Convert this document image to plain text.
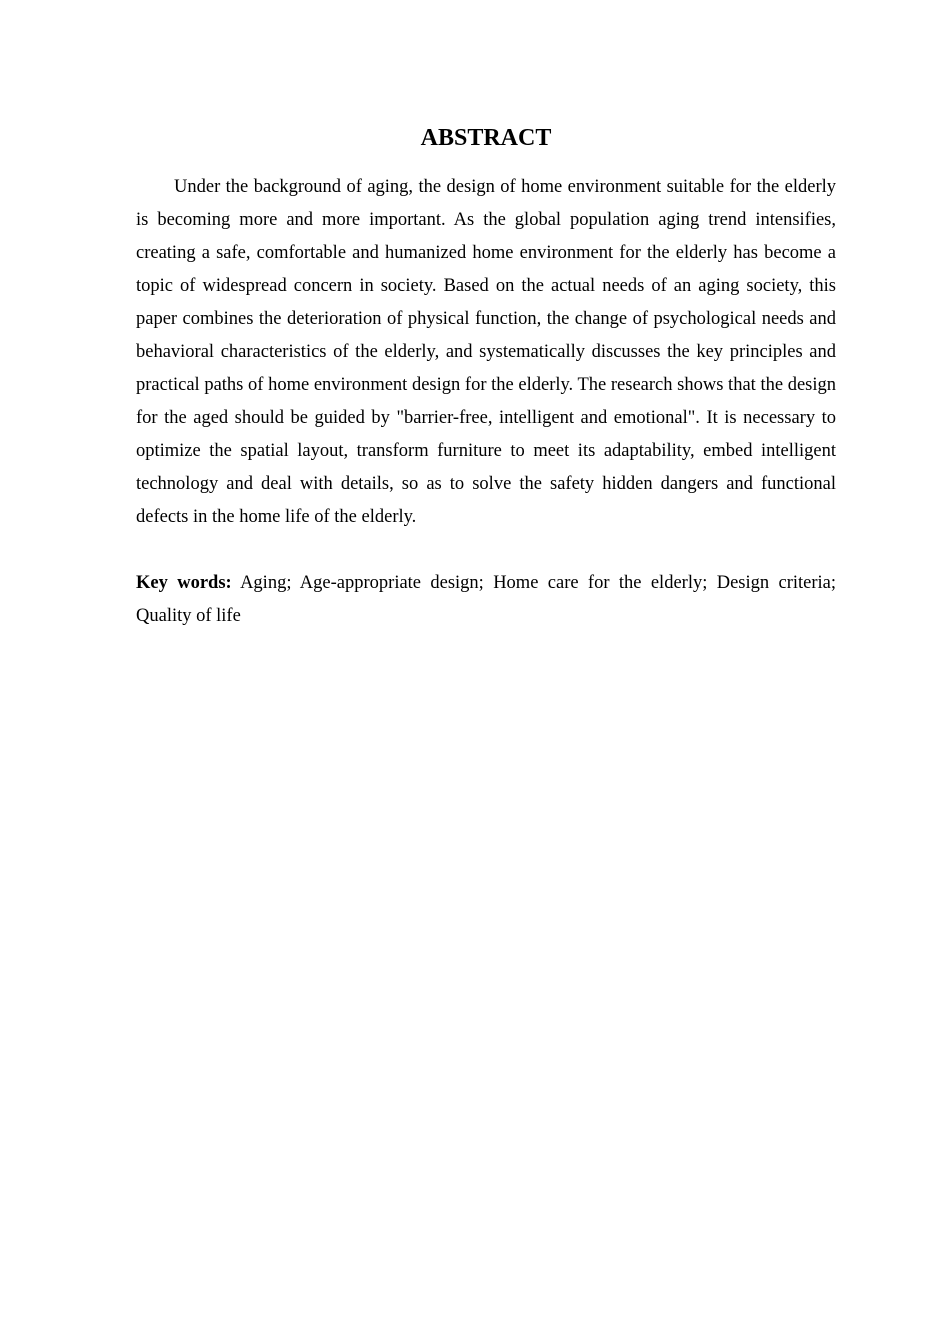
ABSTRACT

Under the background of aging, the design of home environment suitable for the elderly is becoming more and more important. As the global population aging trend intensifies, creating a safe, comfortable and humanized home environment for the elderly has become a topic of widespread concern in society. Based on the actual needs of an aging society, this paper combines the deterioration of physical function, the change of psychological needs and behavioral characteristics of the elderly, and systematically discusses the key principles and practical paths of home environment design for the elderly. The research shows that the design for the aged should be guided by "barrier-free, intelligent and emotional". It is necessary to optimize the spatial layout, transform furniture to meet its adaptability, embed intelligent technology and deal with details, so as to solve the safety hidden dangers and functional defects in the home life of the elderly.

Key words: Aging; Age-appropriate design; Home care for the elderly; Design criteria; Quality of life
